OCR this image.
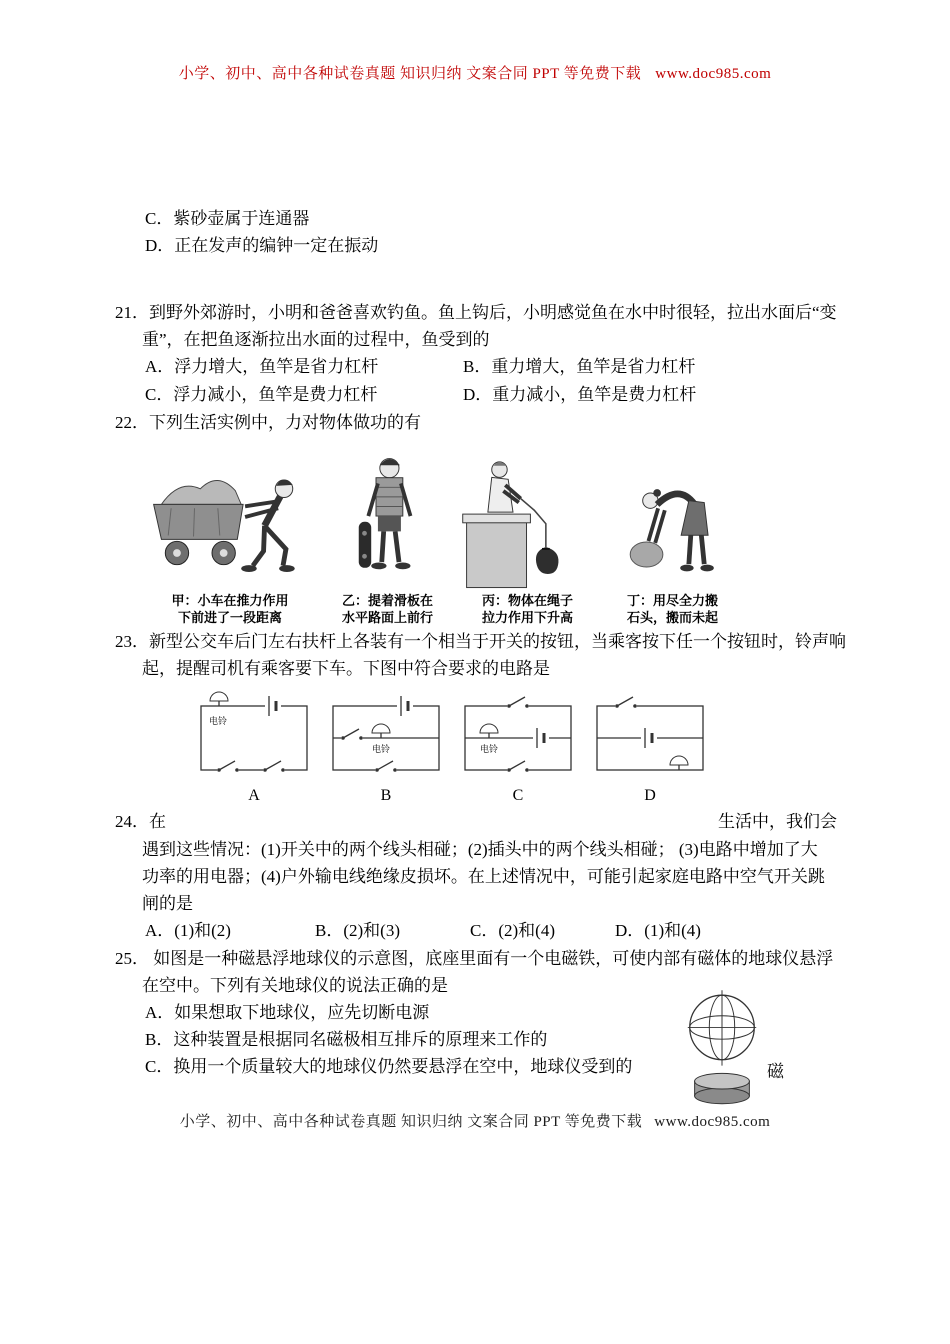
小学、初中、高中各种试卷真题 知识归纳 文案合同 PPT 等免费下载 www.doc985.com
C．紫砂壶属于连通器
D．正在发声的编钟一定在振动
21．到野外郊游时，小明和爸爸喜欢钓鱼。鱼上钩后，小明感觉鱼在水中时很轻，拉出水面后“变
重”，在把鱼逐渐拉出水面的过程中，鱼受到的
A．浮力增大，鱼竿是省力杠杆	B．重力增大，鱼竿是省力杠杆
C．浮力减小，鱼竿是费力杠杆	D．重力减小，鱼竿是费力杠杆
22．下列生活实例中，力对物体做功的有
甲：小车在推力作用
下前进了一段距离
乙：提着滑板在
水平路面上前行
丙：物体在绳子
拉力作用下升高
丁：用尽全力搬
石头，搬而未起
23．新型公交车后门左右扶杆上各装有一个相当于开关的按钮，当乘客按下任一个按钮时，铃声响
起，提醒司机有乘客要下车。下图中符合要求的电路是
电铃
A
电铃
B
电铃
C	D
24．在	生活中，我们会
遇到这些情况：(1)开关中的两个线头相碰；(2)插头中的两个线头相碰； (3)电路中增加了大
功率的用电器；(4)户外输电线绝缘皮损坏。在上述情况中，可能引起家庭电路中空气开关跳
闸的是
A．(1)和(2)	B．(2)和(3)	C．(2)和(4)	D．(1)和(4)
25． 如图是一种磁悬浮地球仪的示意图，底座里面有一个电磁铁，可使内部有磁体的地球仪悬浮
在空中。下列有关地球仪的说法正确的是
A．如果想取下地球仪，应先切断电源
B．这种装置是根据同名磁极相互排斥的原理来工作的
C．换用一个质量较大的地球仪仍然要悬浮在空中，地球仪受到的	磁
小学、初中、高中各种试卷真题 知识归纳 文案合同 PPT 等免费下载 www.doc985.com
